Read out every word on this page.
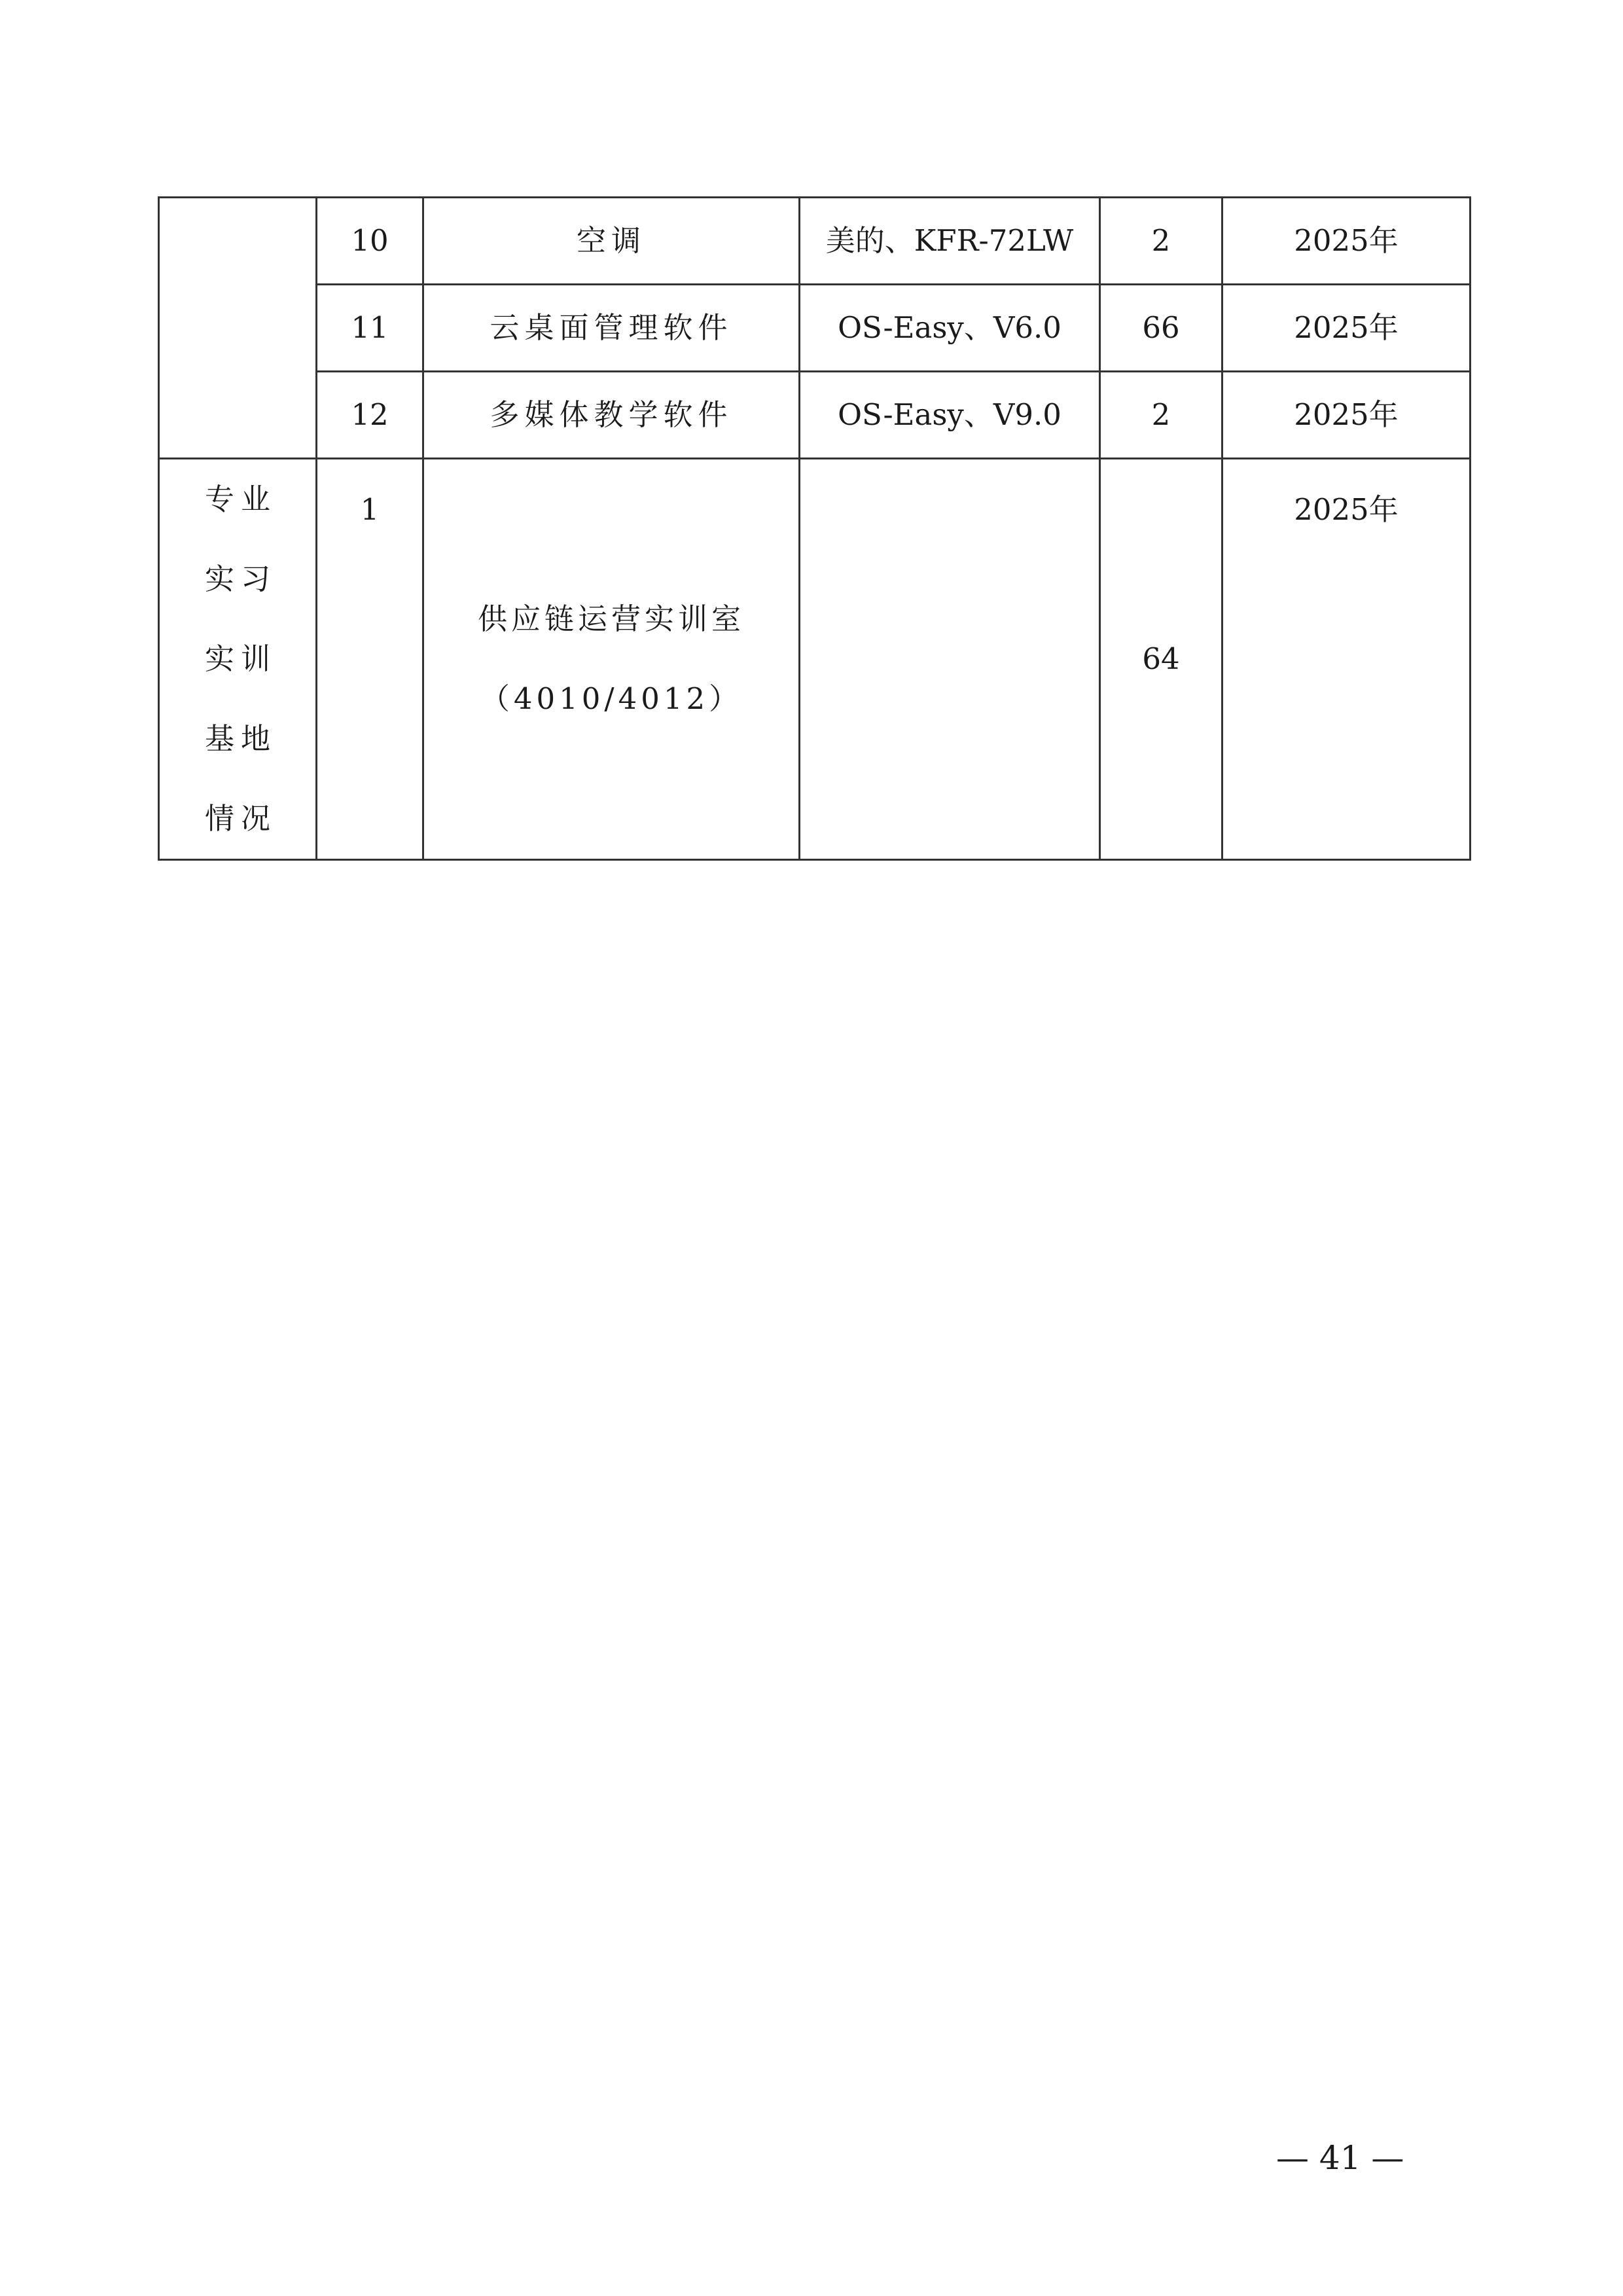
	10	空调	美的、KFR-72LW	2	2025年
	11	云桌面管理软件	OS-Easy、V6.0	66	2025年
	12	多媒体教学软件	OS-Easy、V9.0	2	2025年

专业实习实训基地情况	1	供应链运营实训室（4010/4012）		64	2025年
— 41 —
